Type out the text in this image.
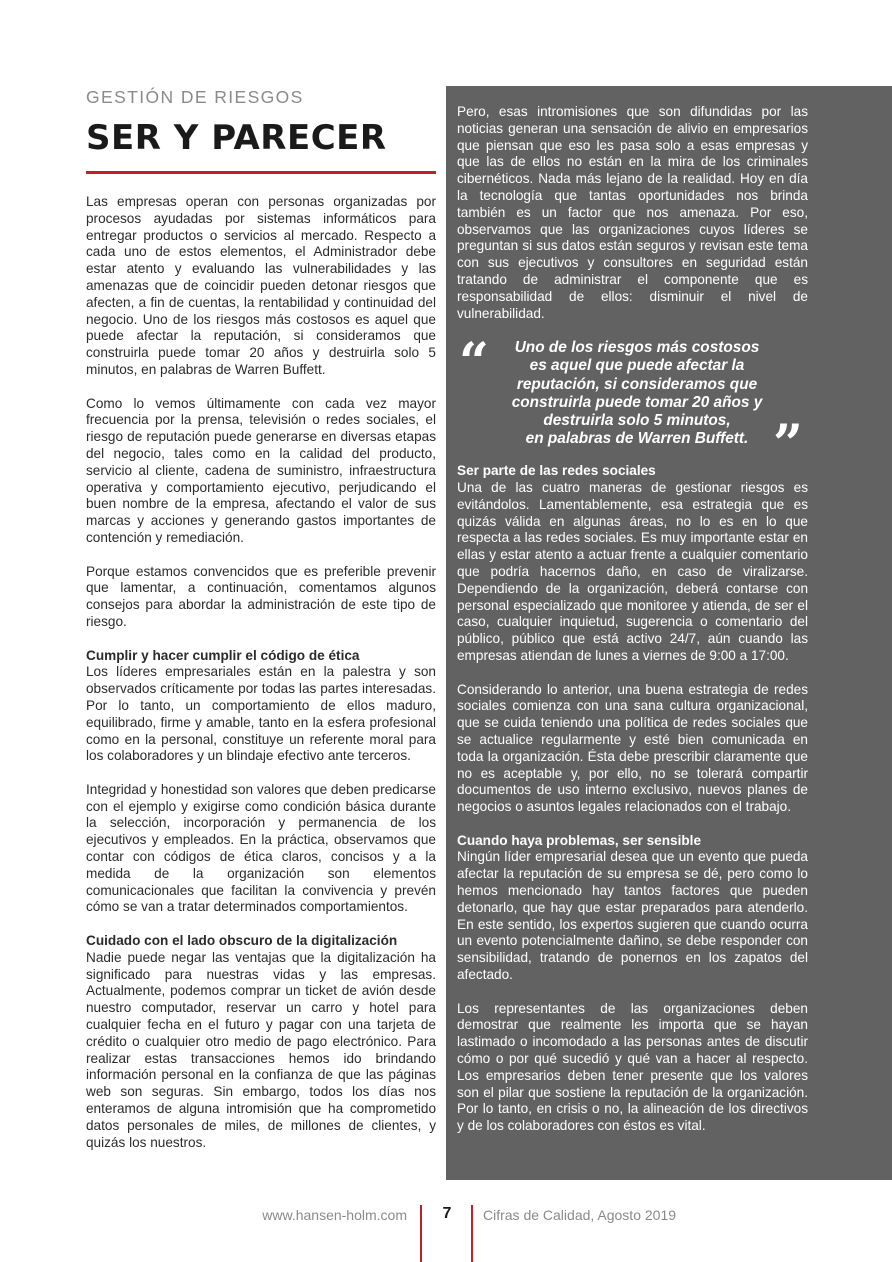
GESTIÓN DE RIESGOS

SER Y PARECER

Las empresas operan con personas organizadas por procesos ayudadas por sistemas informáticos para entregar productos o servicios al mercado. Respecto a cada uno de estos elementos, el Administrador debe estar atento y evaluando las vulnerabilidades y las amenazas que de coincidir pueden detonar riesgos que afecten, a fin de cuentas, la rentabilidad y continuidad del negocio. Uno de los riesgos más costosos es aquel que puede afectar la reputación, si consideramos que construirla puede tomar 20 años y destruirla solo 5 minutos, en palabras de Warren Buffett.

Como lo vemos últimamente con cada vez mayor frecuencia por la prensa, televisión o redes sociales, el riesgo de reputación puede generarse en diversas etapas del negocio, tales como en la calidad del producto, servicio al cliente, cadena de suministro, infraestructura operativa y comportamiento ejecutivo, perjudicando el buen nombre de la empresa, afectando el valor de sus marcas y acciones y generando gastos importantes de contención y remediación.

Porque estamos convencidos que es preferible prevenir que lamentar, a continuación, comentamos algunos consejos para abordar la administración de este tipo de riesgo.

Cumplir y hacer cumplir el código de ética

Los líderes empresariales están en la palestra y son observados críticamente por todas las partes interesadas. Por lo tanto, un comportamiento de ellos maduro, equilibrado, firme y amable, tanto en la esfera profesional como en la personal, constituye un referente moral para los colaboradores y un blindaje efectivo ante terceros.

Integridad y honestidad son valores que deben predicarse con el ejemplo y exigirse como condición básica durante la selección, incorporación y permanencia de los ejecutivos y empleados. En la práctica, observamos que contar con códigos de ética claros, concisos y a la medida de la organización son elementos comunicacionales que facilitan la convivencia y prevén cómo se van a tratar determinados comportamientos.

Cuidado con el lado obscuro de la digitalización

Nadie puede negar las ventajas que la digitalización ha significado para nuestras vidas y las empresas. Actualmente, podemos comprar un ticket de avión desde nuestro computador, reservar un carro y hotel para cualquier fecha en el futuro y pagar con una tarjeta de crédito o cualquier otro medio de pago electrónico. Para realizar estas transacciones hemos ido brindando información personal en la confianza de que las páginas web son seguras. Sin embargo, todos los días nos enteramos de alguna intromisión que ha comprometido datos personales de miles, de millones de clientes, y quizás los nuestros.

Pero, esas intromisiones que son difundidas por las noticias generan una sensación de alivio en empresarios que piensan que eso les pasa solo a esas empresas y que las de ellos no están en la mira de los criminales cibernéticos. Nada más lejano de la realidad. Hoy en día la tecnología que tantas oportunidades nos brinda también es un factor que nos amenaza. Por eso, observamos que las organizaciones cuyos líderes se preguntan si sus datos están seguros y revisan este tema con sus ejecutivos y consultores en seguridad están tratando de administrar el componente que es responsabilidad de ellos: disminuir el nivel de vulnerabilidad.

“	Uno de los riesgos más costosos
es aquel que puede afectar la
reputación, si consideramos que
construirla puede tomar 20 años y
destruirla solo 5 minutos,
en palabras de Warren Buffett. ”

Ser parte de las redes sociales

Una de las cuatro maneras de gestionar riesgos es evitándolos. Lamentablemente, esa estrategia que es quizás válida en algunas áreas, no lo es en lo que respecta a las redes sociales. Es muy importante estar en ellas y estar atento a actuar frente a cualquier comentario que podría hacernos daño, en caso de viralizarse. Dependiendo de la organización, deberá contarse con personal especializado que monitoree y atienda, de ser el caso, cualquier inquietud, sugerencia o comentario del público, público que está activo 24/7, aún cuando las empresas atiendan de lunes a viernes de 9:00 a 17:00.

Considerando lo anterior, una buena estrategia de redes sociales comienza con una sana cultura organizacional, que se cuida teniendo una política de redes sociales que se actualice regularmente y esté bien comunicada en toda la organización. Ésta debe prescribir claramente que no es aceptable y, por ello, no se tolerará compartir documentos de uso interno exclusivo, nuevos planes de negocios o asuntos legales relacionados con el trabajo.

Cuando haya problemas, ser sensible

Ningún líder empresarial desea que un evento que pueda afectar la reputación de su empresa se dé, pero como lo hemos mencionado hay tantos factores que pueden detonarlo, que hay que estar preparados para atenderlo. En este sentido, los expertos sugieren que cuando ocurra un evento potencialmente dañino, se debe responder con sensibilidad, tratando de ponernos en los zapatos del afectado.

Los representantes de las organizaciones deben demostrar que realmente les importa que se hayan lastimado o incomodado a las personas antes de discutir cómo o por qué sucedió y qué van a hacer al respecto. Los empresarios deben tener presente que los valores son el pilar que sostiene la reputación de la organización. Por lo tanto, en crisis o no, la alineación de los directivos y de los colaboradores con éstos es vital.

www.hansen-holm.com	7	Cifras de Calidad, Agosto 2019
